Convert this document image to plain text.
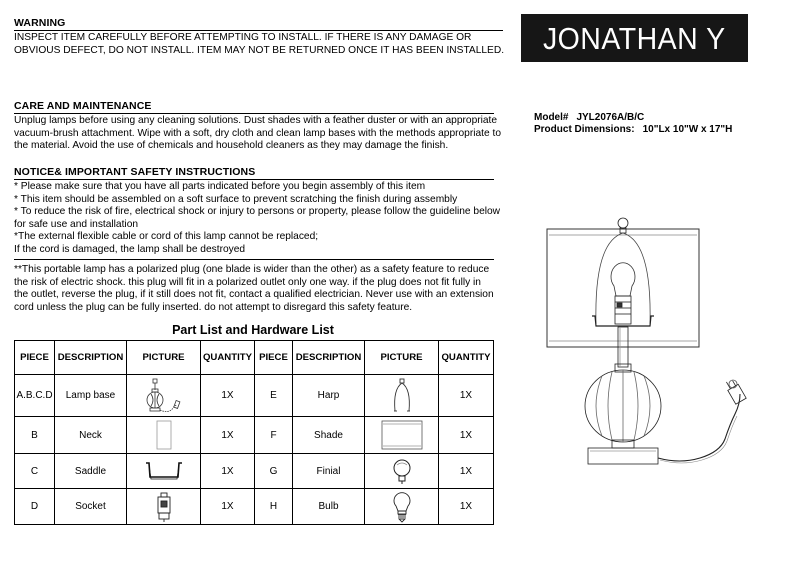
WARNING
INSPECT ITEM CAREFULLY BEFORE ATTEMPTING TO INSTALL. IF THERE IS ANY DAMAGE OR
OBVIOUS DEFECT, DO NOT INSTALL. ITEM MAY NOT BE RETURNED ONCE IT HAS BEEN INSTALLED.	JONATHAN Y
CARE AND MAINTENANCE
Unplug lamps before using any cleaning solutions. Dust shades with a feather duster or with an appropriate
vacuum-brush attachment. Wipe with a soft, dry cloth and clean lamp bases with the methods appropriate to
the material. Avoid the use of chemicals and household cleaners as they may damage the finish.
Model# JYL2076A/B/C
Product Dimensions: 10"Lx 10"W x 17"H
NOTICE& IMPORTANT SAFETY INSTRUCTIONS
* Please make sure that you have all parts indicated before you begin assembly of this item
* This item should be assembled on a soft surface to prevent scratching the finish during assembly
* To reduce the risk of fire, electrical shock or injury to persons or property, please follow the guideline below
for safe use and installation
*The external flexible cable or cord of this lamp cannot be replaced;
If the cord is damaged, the lamp shall be destroyed
**This portable lamp has a polarized plug (one blade is wider than the other) as a safety feature to reduce
the risk of electric shock. this plug will fit in a polarized outlet only one way. if the plug does not fit fully in
the outlet, reverse the plug, if it still does not fit, contact a qualified electrician. Never use with an extension
cord unless the plug can be fully inserted. do not attempt to disregard this safety feature.
Part List and Hardware List
PIECE	DESCRIPTION	PICTURE	QUANTITY	PIECE	DESCRIPTION	PICTURE	QUANTITY
A.B.C.D	Lamp base		1X	E	Harp		1X
B	Neck		1X	F	Shade		1X
C	Saddle		1X	G	Finial		1X
D	Socket		1X	H	Bulb		1X
